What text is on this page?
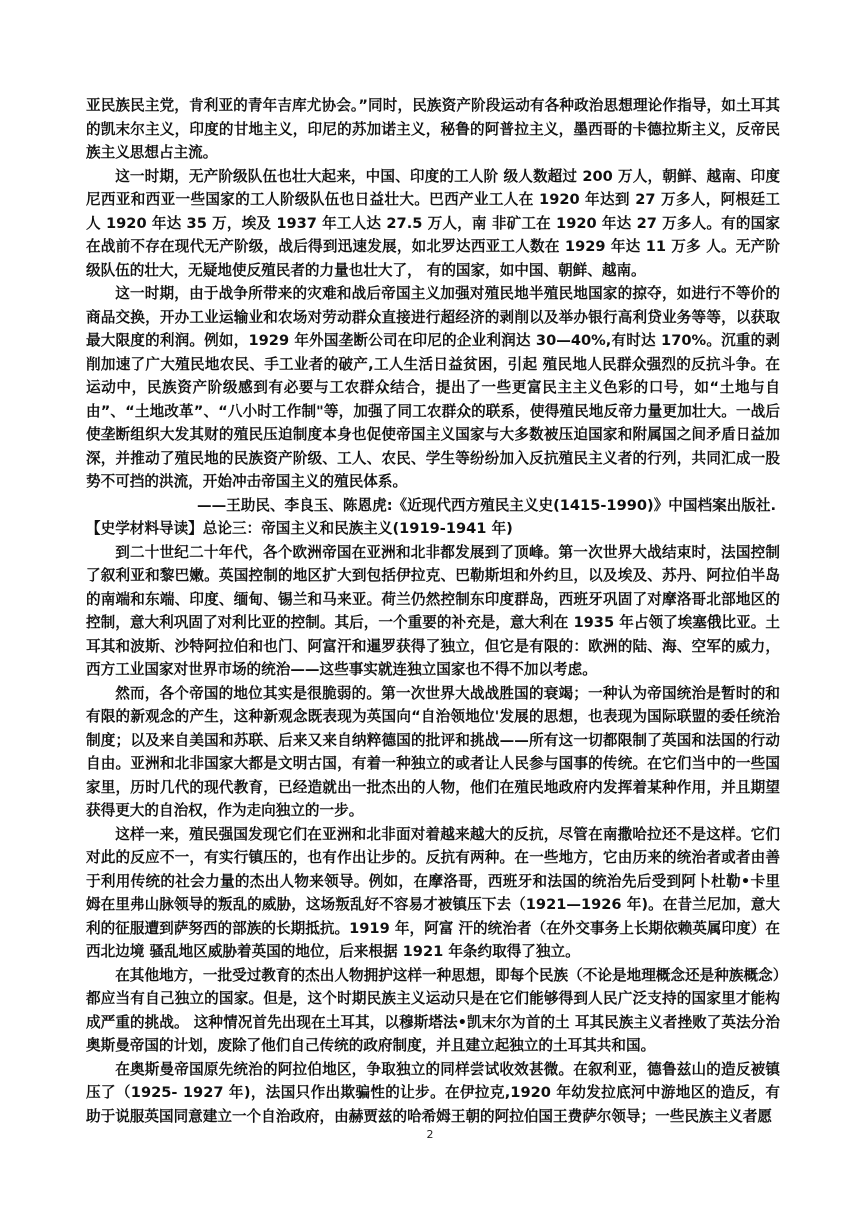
亚民族民主党，肯利亚的青年吉库尤协会。”同时，民族资产阶段运动有各种政治思想理论作指导，如土耳其的凯末尔主义，印度的甘地主义，印尼的苏加诺主义，秘鲁的阿普拉主义，墨西哥的卡德拉斯主义，反帝民族主义思想占主流。

这一时期，无产阶级队伍也壮大起来，中国、印度的工人阶 级人数超过 200 万人，朝鲜、越南、印度尼西亚和西亚一些国家的工人阶级队伍也日益壮大。巴西产业工人在 1920 年达到 27 万多人，阿根廷工人 1920 年达 35 万，埃及 1937 年工人达 27.5 万人，南 非矿工在 1920 年达 27 万多人。有的国家在战前不存在现代无产阶级，战后得到迅速发展，如北罗达西亚工人数在 1929 年达 11 万多 人。无产阶级队伍的壮大，无疑地使反殖民者的力量也壮大了， 有的国家，如中国、朝鲜、越南。

这一时期，由于战争所带来的灾难和战后帝国主义加强对殖民地半殖民地国家的掠夺，如进行不等价的商品交换，开办工业运输业和农场对劳动群众直接进行超经济的剥削以及举办银行高利贷业务等等，以获取最大限度的利润。例如，1929 年外国垄断公司在印尼的企业利润达 30—40%,有时达 170%。沉重的剥削加速了广大殖民地农民、手工业者的破产,工人生活日益贫困，引起 殖民地人民群众强烈的反抗斗争。在运动中，民族资产阶级感到有必要与工农群众结合，提出了一些更富民主主义色彩的口号，如“土地与自由”、“土地改革”、“八小时工作制"等，加强了同工农群众的联系，使得殖民地反帝力量更加壮大。一战后使垄断组织大发其财的殖民压迫制度本身也促使帝国主义国家与大多数被压迫国家和附属国之间矛盾日益加深，并推动了殖民地的民族资产阶级、工人、农民、学生等纷纷加入反抗殖民主义者的行列，共同汇成一股势不可挡的洪流，开始冲击帝国主义的殖民体系。

——王助民、李良玉、陈恩虎:《近现代西方殖民主义史(1415-1990)》中国档案出版社.

【史学材料导读】总论三：帝国主义和民族主义(1919-1941 年)

到二十世纪二十年代，各个欧洲帝国在亚洲和北非都发展到了顶峰。第一次世界大战结束时，法国控制了叙利亚和黎巴嫩。英国控制的地区扩大到包括伊拉克、巴勒斯坦和外约旦，以及埃及、苏丹、阿拉伯半岛的南端和东端、印度、缅甸、锡兰和马来亚。荷兰仍然控制东印度群岛，西班牙巩固了对摩洛哥北部地区的控制，意大利巩固了对利比亚的控制。其后，一个重要的补充是，意大利在 1935 年占领了埃塞俄比亚。土耳其和波斯、沙特阿拉伯和也门、阿富汗和暹罗获得了独立，但它是有限的：欧洲的陆、海、空军的威力，西方工业国家对世界市场的统治——这些事实就连独立国家也不得不加以考虑。

然而，各个帝国的地位其实是很脆弱的。第一次世界大战战胜国的衰竭；一种认为帝国统治是暂时的和有限的新观念的产生，这种新观念既表现为英国向“自治领地位'发展的思想，也表现为国际联盟的委任统治制度；以及来自美国和苏联、后来又来自纳粹德国的批评和挑战——所有这一切都限制了英国和法国的行动自由。亚洲和北非国家大都是文明古国，有着一种独立的或者让人民参与国事的传统。在它们当中的一些国家里，历时几代的现代教育，已经造就出一批杰出的人物，他们在殖民地政府内发挥着某种作用，并且期望获得更大的自治权，作为走向独立的一步。

这样一来，殖民强国发现它们在亚洲和北非面对着越来越大的反抗，尽管在南撒哈拉还不是这样。它们对此的反应不一，有实行镇压的，也有作出让步的。反抗有两种。在一些地方，它由历来的统治者或者由善于利用传统的社会力量的杰出人物来领导。例如，在摩洛哥，西班牙和法国的统治先后受到阿卜杜勒•卡里姆在里弗山脉领导的叛乱的威胁，这场叛乱好不容易才被镇压下去（1921—1926 年)。在昔兰尼加，意大利的征服遭到萨努西的部族的长期抵抗。1919 年，阿富 汗的统治者（在外交事务上长期依赖英属印度）在西北边境 骚乱地区威胁着英国的地位，后来根据 1921 年条约取得了独立。

在其他地方，一批受过教育的杰出人物拥护这样一种思想，即每个民族（不论是地理概念还是种族概念）都应当有自己独立的国家。但是，这个时期民族主义运动只是在它们能够得到人民广泛支持的国家里才能构成严重的挑战。 这种情况首先出现在土耳其，以穆斯塔法•凯末尔为首的土 耳其民族主义者挫败了英法分治奥斯曼帝国的计划，废除了他们自己传统的政府制度，并且建立起独立的土耳其共和国。

在奥斯曼帝国原先统治的阿拉伯地区，争取独立的同样尝试收效甚微。在叙利亚，德鲁兹山的造反被镇压了（1925- 1927 年)，法国只作出欺骗性的让步。在伊拉克,1920 年幼发拉底河中游地区的造反，有助于说服英国同意建立一个自治政府，由赫贾兹的哈希姆王朝的阿拉伯国王费萨尔领导；一些民族主义者愿

2
